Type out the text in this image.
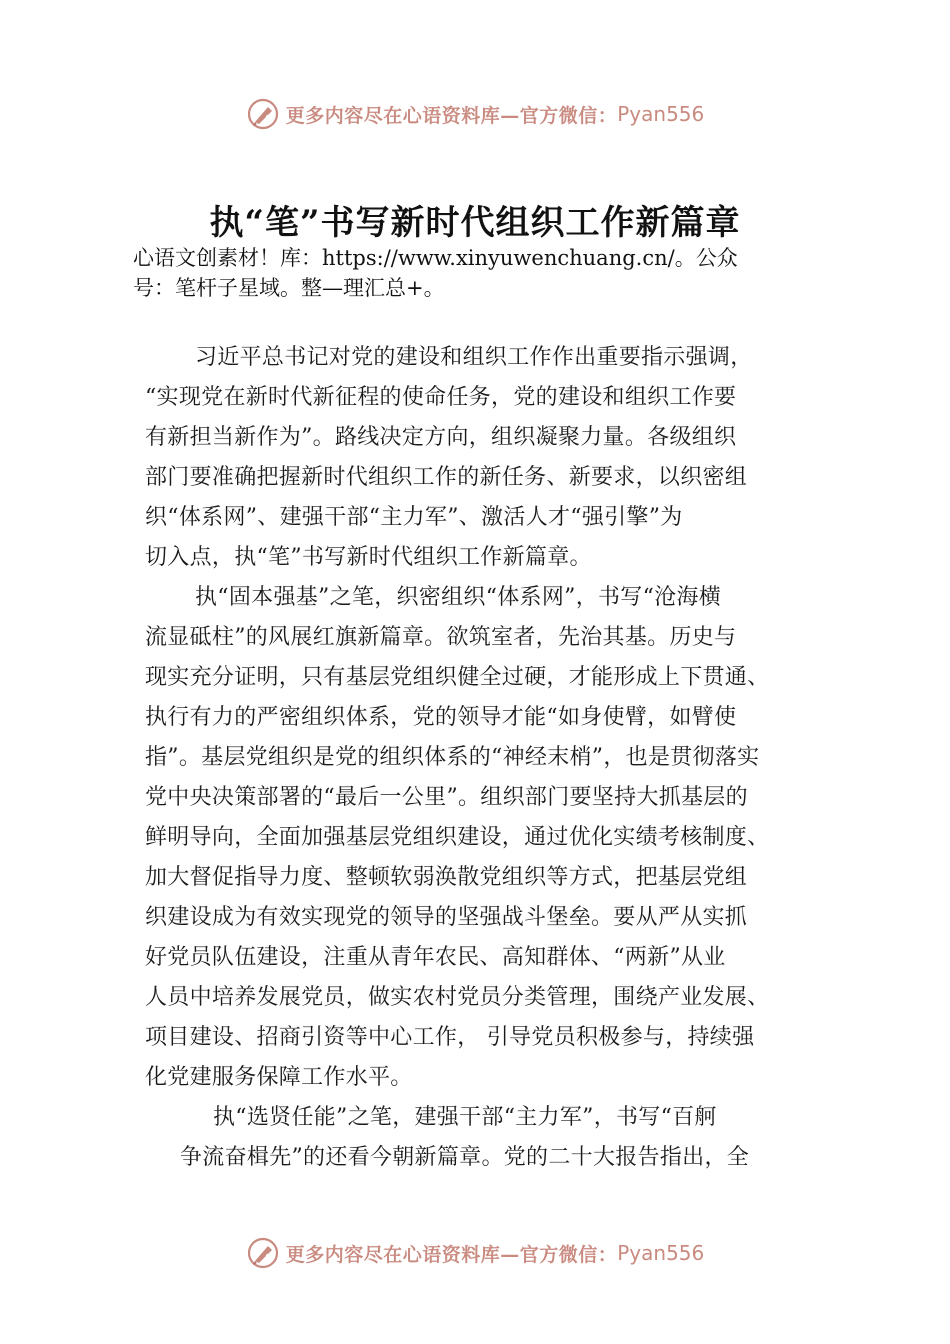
更多内容尽在心语资料库—官方微信： Pyan556
执“笔”书写新时代组织工作新篇章
心语文创素材！库：https://www.xinyuwenchuang.cn/。公众
号：笔杆子星域。整—理汇总+。
习近平总书记对党的建设和组织工作作出重要指示强调，
“实现党在新时代新征程的使命任务，党的建设和组织工作要
有新担当新作为”。路线决定方向，组织凝聚力量。各级组织
部门要准确把握新时代组织工作的新任务、新要求，以织密组
织“体系网”、建强干部“主力军”、激活人才“强引擎”为
切入点，执“笔”书写新时代组织工作新篇章。
执“固本强基”之笔，织密组织“体系网”，书写“沧海横
流显砥柱”的风展红旗新篇章。欲筑室者，先治其基。历史与
现实充分证明，只有基层党组织健全过硬，才能形成上下贯通、
执行有力的严密组织体系，党的领导才能“如身使臂，如臂使
指”。基层党组织是党的组织体系的“神经末梢”，也是贯彻落实
党中央决策部署的“最后一公里”。组织部门要坚持大抓基层的
鲜明导向，全面加强基层党组织建设，通过优化实绩考核制度、
加大督促指导力度、整顿软弱涣散党组织等方式，把基层党组
织建设成为有效实现党的领导的坚强战斗堡垒。要从严从实抓
好党员队伍建设，注重从青年农民、高知群体、“两新”从业
人员中培养发展党员，做实农村党员分类管理，围绕产业发展、
项目建设、招商引资等中心工作， 引导党员积极参与，持续强
化党建服务保障工作水平。
执“选贤任能”之笔，建强干部“主力军”，书写“百舸
争流奋楫先”的还看今朝新篇章。党的二十大报告指出，全
更多内容尽在心语资料库—官方微信： Pyan556
